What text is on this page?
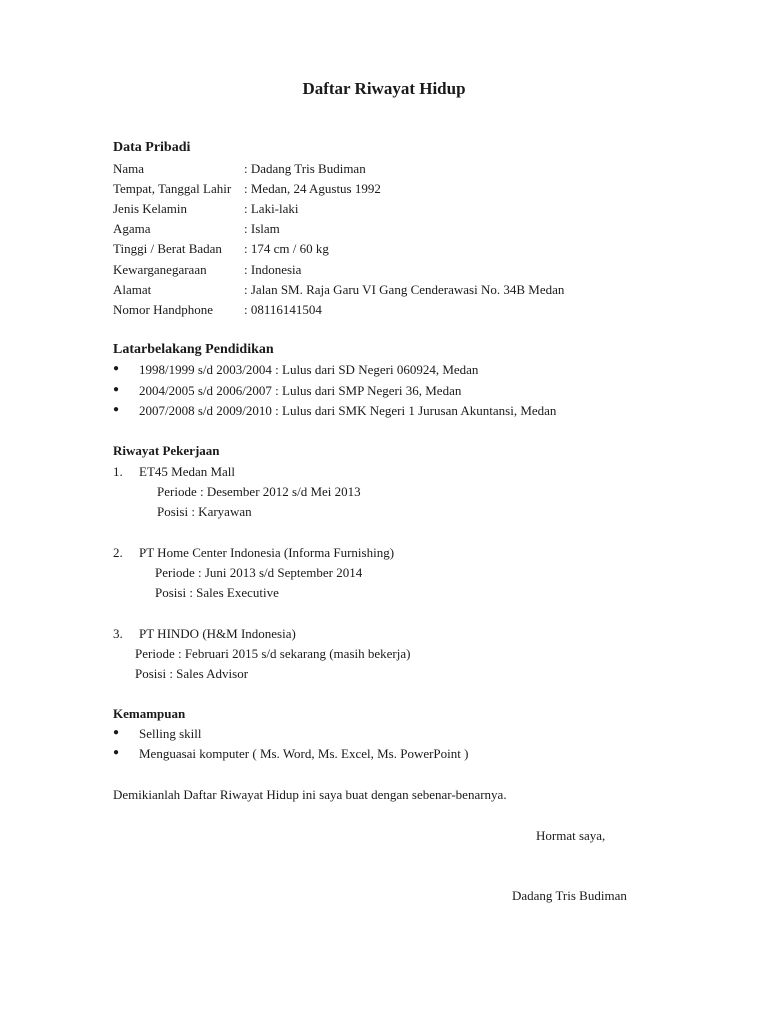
Daftar Riwayat Hidup
Data Pribadi
Nama	: Dadang Tris Budiman
Tempat, Tanggal Lahir : Medan, 24 Agustus 1992
Jenis Kelamin	: Laki-laki
Agama	: Islam
Tinggi / Berat Badan : 174 cm / 60 kg
Kewarganegaraan	: Indonesia
Alamat	: Jalan SM. Raja Garu VI Gang Cenderawasi No. 34B Medan
Nomor Handphone : 08116141504
Latarbelakang Pendidikan
● 1998/1999 s/d 2003/2004 : Lulus dari SD Negeri 060924, Medan
● 2004/2005 s/d 2006/2007 : Lulus dari SMP Negeri 36, Medan
● 2007/2008 s/d 2009/2010 : Lulus dari SMK Negeri 1 Jurusan Akuntansi, Medan
Riwayat Pekerjaan
1. ET45 Medan Mall
Periode : Desember 2012 s/d Mei 2013
Posisi : Karyawan
2. PT Home Center Indonesia (Informa Furnishing)
Periode : Juni 2013 s/d September 2014
Posisi : Sales Executive
3. PT HINDO (H&M Indonesia)
Periode : Februari 2015 s/d sekarang (masih bekerja)
Posisi : Sales Advisor
Kemampuan
● Selling skill
● Menguasai komputer ( Ms. Word, Ms. Excel, Ms. PowerPoint )
Demikianlah Daftar Riwayat Hidup ini saya buat dengan sebenar-benarnya.
Hormat saya,
Dadang Tris Budiman
